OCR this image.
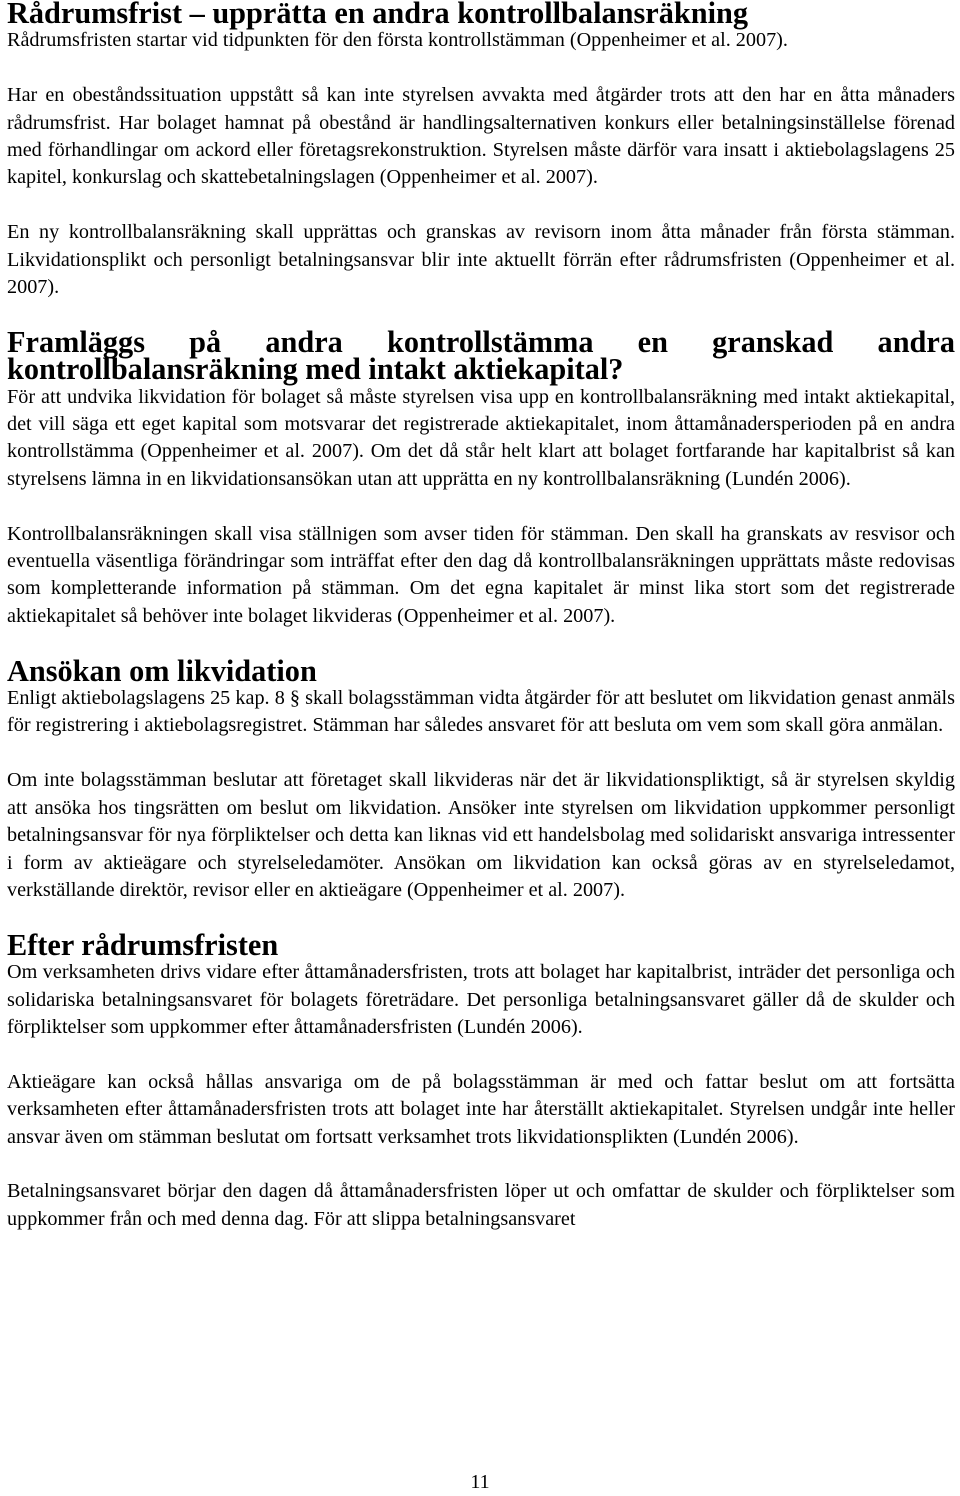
Rådrumsfrist – upprätta en andra kontrollbalansräkning

Rådrumsfristen startar vid tidpunkten för den första kontrollstämman (Oppenheimer et al. 2007).

Har en obeståndssituation uppstått så kan inte styrelsen avvakta med åtgärder trots att den har en åtta månaders rådrumsfrist. Har bolaget hamnat på obestånd är handlingsalternativen konkurs eller betalningsinställelse förenad med förhandlingar om ackord eller företagsrekonstruktion. Styrelsen måste därför vara insatt i aktiebolagslagens 25 kapitel, konkurslag och skattebetalningslagen (Oppenheimer et al. 2007).

En ny kontrollbalansräkning skall upprättas och granskas av revisorn inom åtta månader från första stämman. Likvidationsplikt och personligt betalningsansvar blir inte aktuellt förrän efter rådrumsfristen (Oppenheimer et al. 2007).

Framläggs på andra kontrollstämma en granskad andra kontrollbalansräkning med intakt aktiekapital?

För att undvika likvidation för bolaget så måste styrelsen visa upp en kontrollbalansräkning med intakt aktiekapital, det vill säga ett eget kapital som motsvarar det registrerade aktiekapitalet, inom åttamånadersperioden på en andra kontrollstämma (Oppenheimer et al. 2007). Om det då står helt klart att bolaget fortfarande har kapitalbrist så kan styrelsens lämna in en likvidationsansökan utan att upprätta en ny kontrollbalansräkning (Lundén 2006).

Kontrollbalansräkningen skall visa ställnigen som avser tiden för stämman. Den skall ha granskats av resvisor och eventuella väsentliga förändringar som inträffat efter den dag då kontrollbalansräkningen upprättats måste redovisas som kompletterande information på stämman. Om det egna kapitalet är minst lika stort som det registrerade aktiekapitalet så behöver inte bolaget likvideras (Oppenheimer et al. 2007).

Ansökan om likvidation

Enligt aktiebolagslagens 25 kap. 8 § skall bolagsstämman vidta åtgärder för att beslutet om likvidation genast anmäls för registrering i aktiebolagsregistret. Stämman har således ansvaret för att besluta om vem som skall göra anmälan.

Om inte bolagsstämman beslutar att företaget skall likvideras när det är likvidationspliktigt, så är styrelsen skyldig att ansöka hos tingsrätten om beslut om likvidation. Ansöker inte styrelsen om likvidation uppkommer personligt betalningsansvar för nya förpliktelser och detta kan liknas vid ett handelsbolag med solidariskt ansvariga intressenter i form av aktieägare och styrelseledamöter. Ansökan om likvidation kan också göras av en styrelseledamot, verkställande direktör, revisor eller en aktieägare (Oppenheimer et al. 2007).

Efter rådrumsfristen

Om verksamheten drivs vidare efter åttamånadersfristen, trots att bolaget har kapitalbrist, inträder det personliga och solidariska betalningsansvaret för bolagets företrädare. Det personliga betalningsansvaret gäller då de skulder och förpliktelser som uppkommer efter åttamånadersfristen (Lundén 2006).

Aktieägare kan också hållas ansvariga om de på bolagsstämman är med och fattar beslut om att fortsätta verksamheten efter åttamånadersfristen trots att bolaget inte har återställt aktiekapitalet. Styrelsen undgår inte heller ansvar även om stämman beslutat om fortsatt verksamhet trots likvidationsplikten (Lundén 2006).

Betalningsansvaret börjar den dagen då åttamånadersfristen löper ut och omfattar de skulder och förpliktelser som uppkommer från och med denna dag. För att slippa betalningsansvaret

11
